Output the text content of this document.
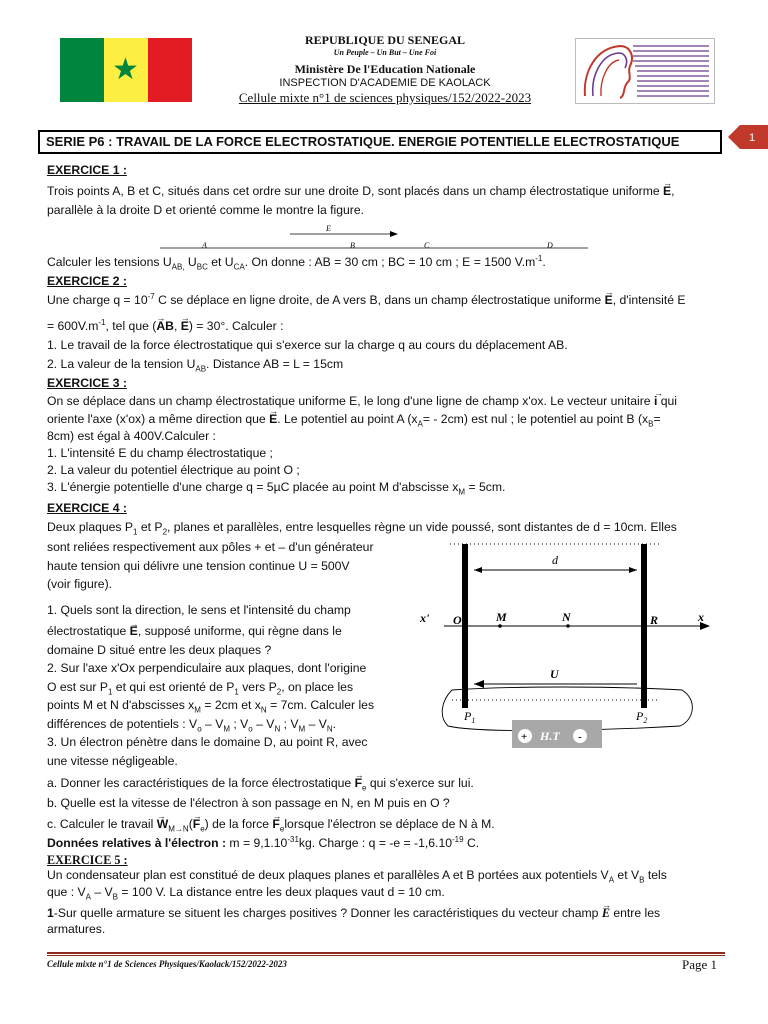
★
REPUBLIQUE DU SENEGAL
Un Peuple – Un But – Une Foi
Ministère De l'Education Nationale
INSPECTION D'ACADEMIE DE KAOLACK
Cellule mixte n°1 de sciences physiques/152/2022-2023
SERIE P6 : TRAVAIL DE LA FORCE ELECTROSTATIQUE. ENERGIE POTENTIELLE ELECTROSTATIQUE	1
EXERCICE 1 :
Trois points A, B et C, situés dans cet ordre sur une droite D, sont placés dans un champ électrostatique uniforme → E,
parallèle à la droite D et orienté comme le montre la figure.
E
A	B	C	D
Calculer les tensions $U_{AB,}$ $U_{BC}$ et $U_{CA}$. On donne : AB = 30 cm ; BC = 10 cm ; E = 1500 $V.m^{-1}$.
EXERCICE 2 :
Une charge $q = 10^{-7}$ C se déplace en ligne droite, de A vers B, dans un champ électrostatique uniforme → E, d'intensité E
= $600V.m^{-1}$, tel que (→ AB, → E) = 30°. Calculer :
1. Le travail de la force électrostatique qui s'exerce sur la charge q au cours du déplacement AB.
2. La valeur de la tension $U_{AB}$. Distance AB = L = 15cm
EXERCICE 3 :
On se déplace dans un champ électrostatique uniforme E, le long d'une ligne de champ x'ox. Le vecteur unitaire → i qui
oriente l'axe (x'ox) a même direction que → E. Le potentiel au point A $(x_A= - 2cm)$ est nul ; le potentiel au point B ($x_B=$
8cm) est égal à 400V.Calculer :
1. L'intensité E du champ électrostatique ;
2. La valeur du potentiel électrique au point O ;
3. L'énergie potentielle d'une charge q = 5µC placée au point M d'abscisse $x_M = 5cm$.
EXERCICE 4 :
Deux plaques $P_1$ et $P_2$, planes et parallèles, entre lesquelles règne un vide poussé, sont distantes de d = 10cm. Elles
sont reliées respectivement aux pôles + et – d'un générateur
haute tension qui délivre une tension continue U = 500V
(voir figure).
1. Quels sont la direction, le sens et l'intensité du champ
électrostatique → E, supposé uniforme, qui règne dans le
domaine D situé entre les deux plaques ?
2. Sur l'axe x'Ox perpendiculaire aux plaques, dont l'origine
O est sur $P_1$ et qui est orienté de $P_1$ vers $P_2$, on place les
points M et N d'abscisses $x_M = 2cm$ et $x_N = 7cm$. Calculer les
différences de potentiels : $V_o - V_M$ ; $V_o - V_N$ ; $V_M - V_N$.
3. Un électron pénètre dans le domaine D, au point R, avec
une vitesse négligeable.
d
x' O	M	N	R	x
U
$P_1$	$P_2$
+ H.T -
a. Donner les caractéristiques de la force électrostatique → $F_e$ qui s'exerce sur lui.
b. Quelle est la vitesse de l'électron à son passage en N, en M puis en O ?
c. Calculer le travail → $W_{M\to N}(\to F_e)$ de la force → $F_elorsque$ l'électron se déplace de N à M.
Données relatives à l'électron : $m = 9,1.10^{-31}kg$. Charge : $q = -e = -1,6.10^{-19}$ C.
EXERCICE 5 :
Un condensateur plan est constitué de deux plaques planes et parallèles A et B portées aux potentiels $V_A$ et $V_B$ tels
que : $V_A - V_B = 100$ V. La distance entre les deux plaques vaut d = 10 cm.
1-Sur quelle armature se situent les charges positives ? Donner les caractéristiques du vecteur champ → E entre les
armatures.
Cellule mixte n°1 de Sciences Physiques/Kaolack/152/2022-2023	Page 1
